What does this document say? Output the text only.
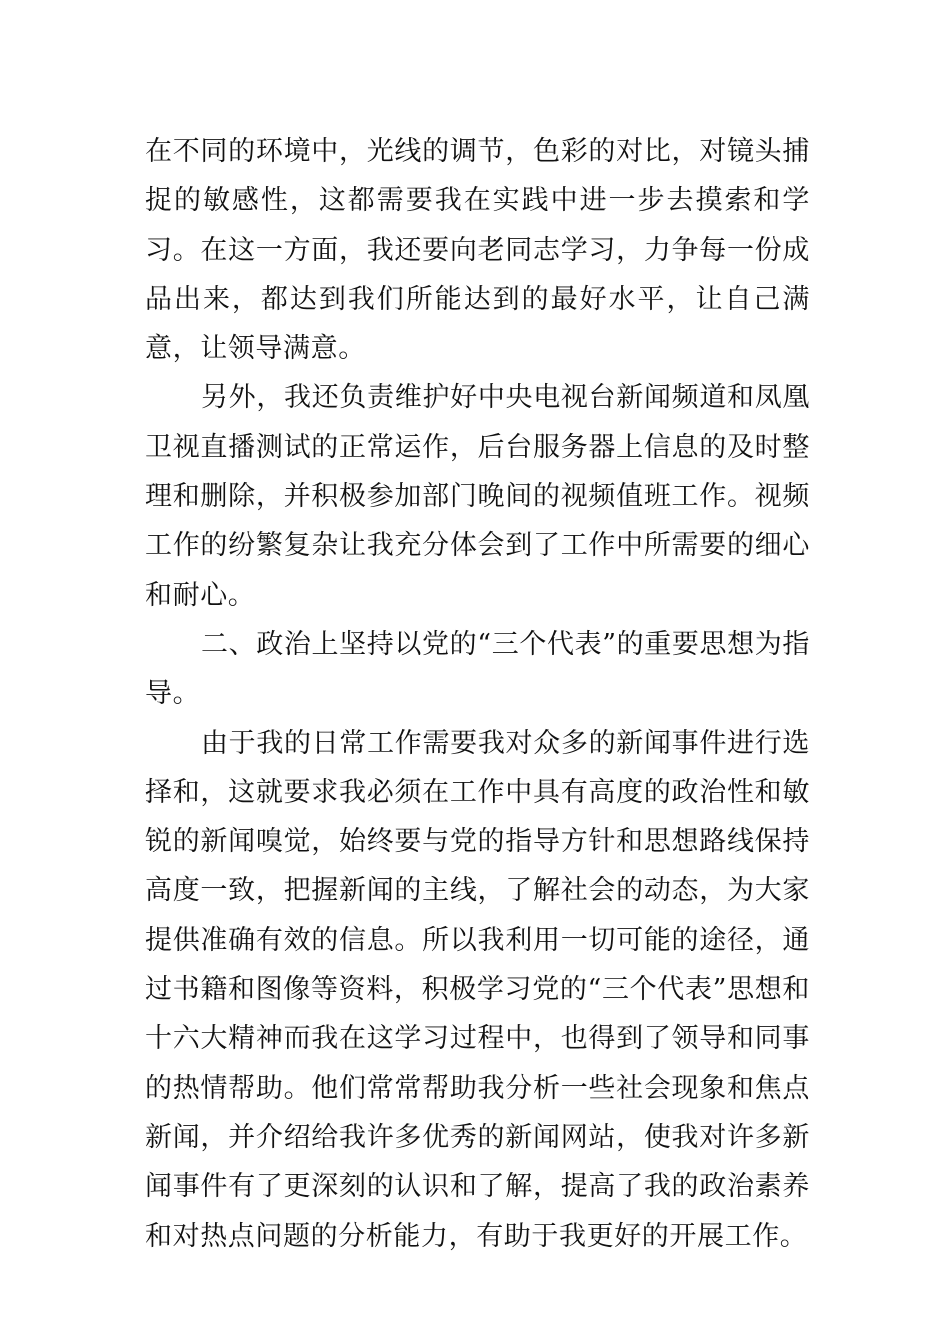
在不同的环境中，光线的调节，色彩的对比，对镜头捕捉的敏感性，这都需要我在实践中进一步去摸索和学习。在这一方面，我还要向老同志学习，力争每一份成品出来，都达到我们所能达到的最好水平，让自己满意，让领导满意。

另外，我还负责维护好中央电视台新闻频道和凤凰卫视直播测试的正常运作，后台服务器上信息的及时整理和删除，并积极参加部门晚间的视频值班工作。视频工作的纷繁复杂让我充分体会到了工作中所需要的细心和耐心。

二、政治上坚持以党的“三个代表”的重要思想为指导。

由于我的日常工作需要我对众多的新闻事件进行选择和，这就要求我必须在工作中具有高度的政治性和敏锐的新闻嗅觉，始终要与党的指导方针和思想路线保持高度一致，把握新闻的主线，了解社会的动态，为大家提供准确有效的信息。所以我利用一切可能的途径，通过书籍和图像等资料，积极学习党的“三个代表”思想和十六大精神而我在这学习过程中，也得到了领导和同事的热情帮助。他们常常帮助我分析一些社会现象和焦点新闻，并介绍给我许多优秀的新闻网站，使我对许多新闻事件有了更深刻的认识和了解，提高了我的政治素养和对热点问题的分析能力，有助于我更好的开展工作。
